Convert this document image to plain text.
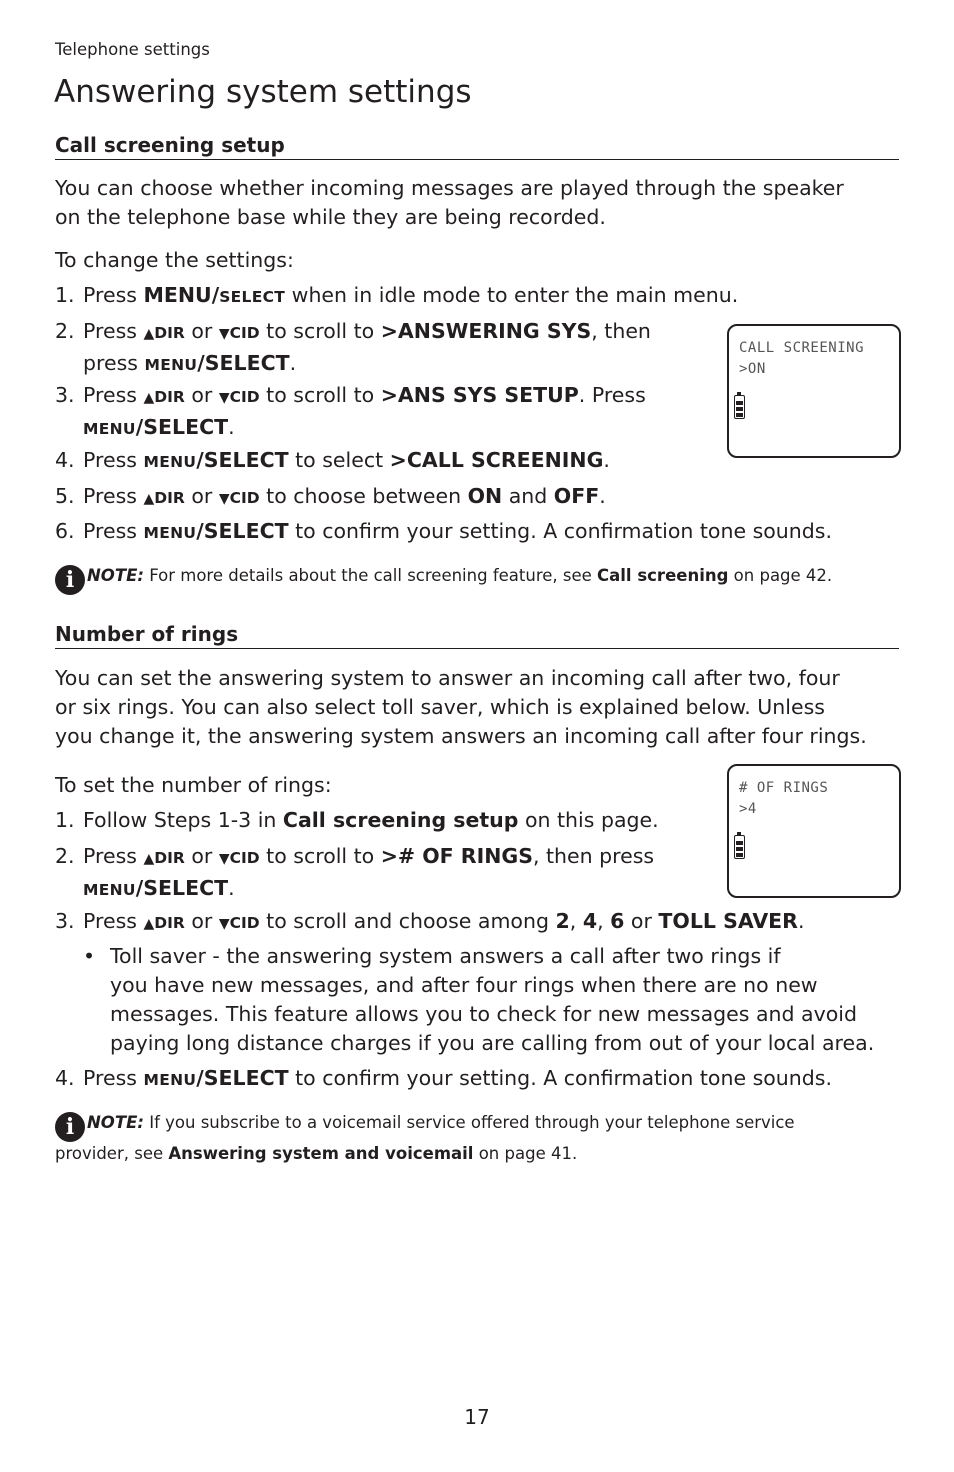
Telephone settings
Answering system settings
Call screening setup

You can choose whether incoming messages are played through the speaker
on the telephone base while they are being recorded.

To change the settings:

1. Press MENU/SELECT when in idle mode to enter the main menu.
2. Press ▲DIR or ▼CID to scroll to >ANSWERING SYS, then
press MENU/SELECT.
3. Press ▲DIR or ▼CID to scroll to >ANS SYS SETUP. Press
MENU/SELECT.
4. Press MENU/SELECT to select >CALL SCREENING.
5. Press ▲DIR or ▼CID to choose between ON and OFF.
6. Press MENU/SELECT to confirm your setting. A confirmation tone sounds.
CALL SCREENING
>ON
i NOTE: For more details about the call screening feature, see Call screening on page 42.
Number of rings

You can set the answering system to answer an incoming call after two, four
or six rings. You can also select toll saver, which is explained below. Unless
you change it, the answering system answers an incoming call after four rings.

To set the number of rings:

1. Follow Steps 1-3 in Call screening setup on this page.
2. Press ▲DIR or ▼CID to scroll to ># OF RINGS, then press
MENU/SELECT.
3. Press ▲DIR or ▼CID to scroll and choose among 2, 4, 6 or TOLL SAVER.
• Toll saver - the answering system answers a call after two rings if
you have new messages, and after four rings when there are no new
messages. This feature allows you to check for new messages and avoid
paying long distance charges if you are calling from out of your local area.
4. Press MENU/SELECT to confirm your setting. A confirmation tone sounds.
# OF RINGS
>4
i NOTE: If you subscribe to a voicemail service offered through your telephone service
provider, see Answering system and voicemail on page 41.
17
